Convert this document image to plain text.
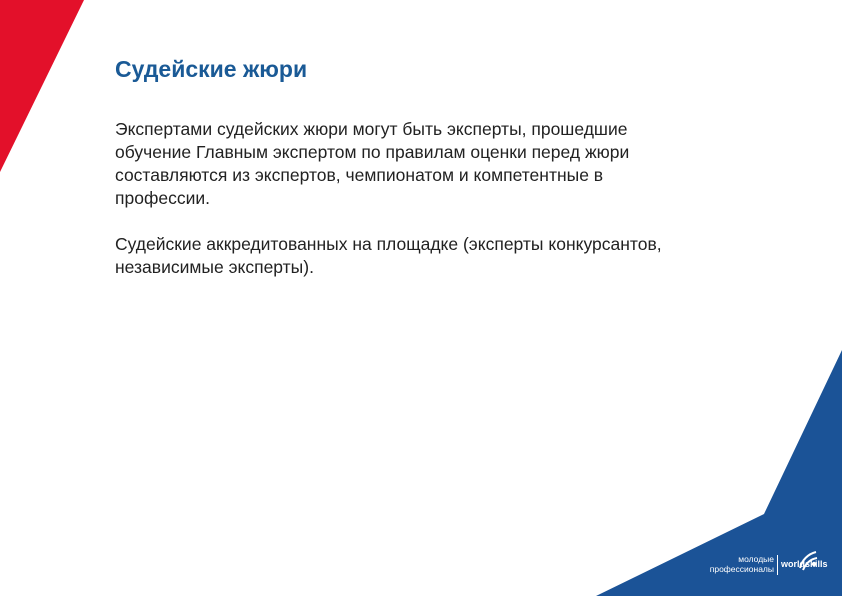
Судейские жюри

Экспертами судейских жюри могут быть эксперты, прошедшие
обучение Главным экспертом по правилам оценки перед жюри
составляются из экспертов, чемпионатом и компетентные в
профессии.

Судейские аккредитованных на площадке (эксперты конкурсантов,
независимые эксперты).

молодые
профессионалы worldskills
